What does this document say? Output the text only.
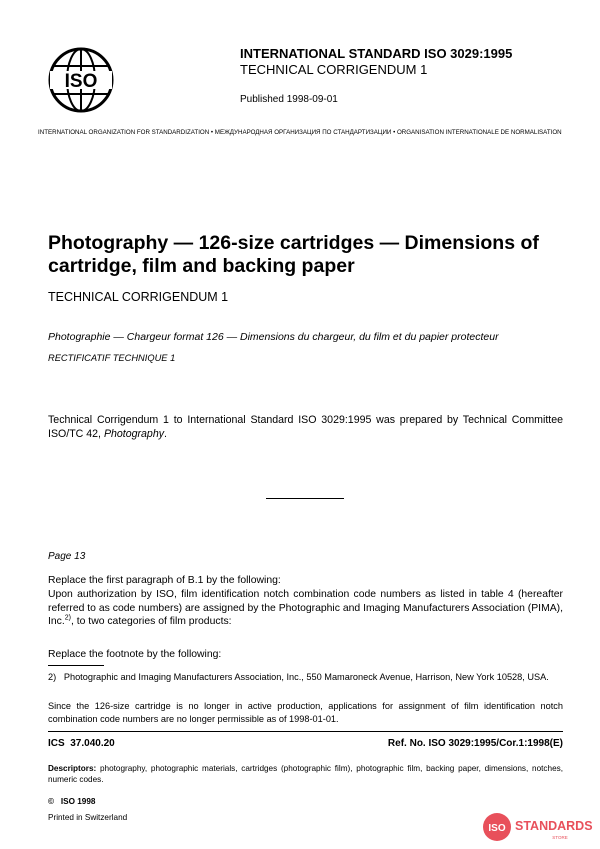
ISO
INTERNATIONAL STANDARD ISO 3029:1995
TECHNICAL CORRIGENDUM 1
Published 1998-09-01
INTERNATIONAL ORGANIZATION FOR STANDARDIZATION • МЕЖДУНАРОДНАЯ ОРГАНИЗАЦИЯ ПО СТАНДАРТИЗАЦИИ • ORGANISATION INTERNATIONALE DE NORMALISATION
Photography — 126-size cartridges — Dimensions of
cartridge, film and backing paper
TECHNICAL CORRIGENDUM 1
Photographie — Chargeur format 126 — Dimensions du chargeur, du film et du papier protecteur
RECTIFICATIF TECHNIQUE 1
Technical Corrigendum 1 to International Standard ISO 3029:1995 was prepared by Technical Committee ISO/TC 42, Photography.
Page 13
Replace the first paragraph of B.1 by the following:
Upon authorization by ISO, film identification notch combination code numbers as listed in table 4 (hereafter referred to as code numbers) are assigned by the Photographic and Imaging Manufacturers Association (PIMA), Inc.$^{2)}$, to two categories of film products:
Replace the footnote by the following:
2)   Photographic and Imaging Manufacturers Association, Inc., 550 Mamaroneck Avenue, Harrison, New York 10528, USA.
Since the 126-size cartridge is no longer in active production, applications for assignment of film identification notch combination code numbers are no longer permissible as of 1998-01-01.
ICS  37.040.20	Ref. No. ISO 3029:1995/Cor.1:1998(E)
Descriptors: photography, photographic materials, cartridges (photographic film), photographic film, backing paper, dimensions, notches, numeric codes.
©   ISO 1998
Printed in Switzerland
ISO STANDARDS
STORE
